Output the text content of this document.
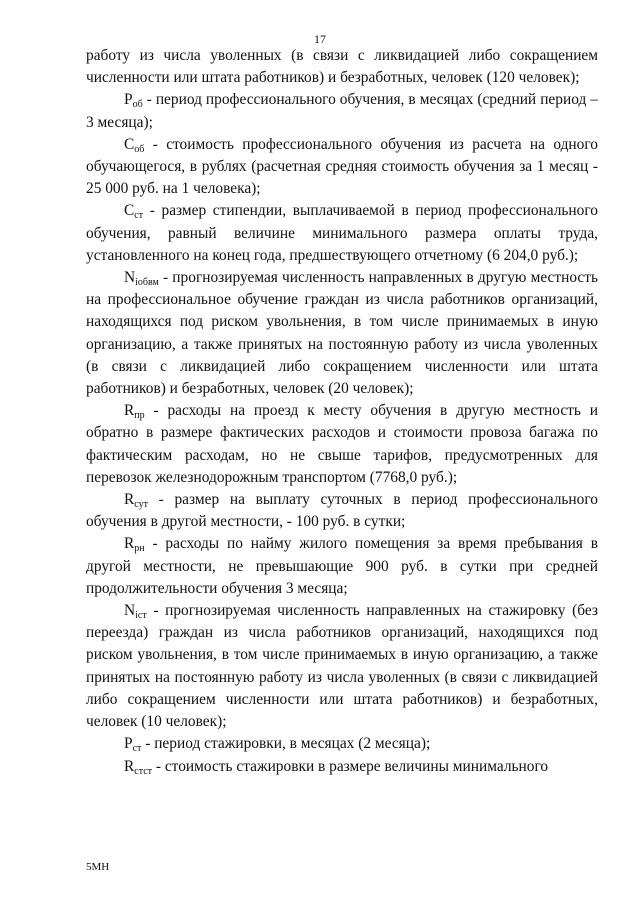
17

работу из числа уволенных (в связи с ликвидацией либо сокращением численности или штата работников) и безработных, человек (120 человек);

$P_{об}$ - период профессионального обучения, в месяцах (средний период – 3 месяца);

$C_{об}$ - стоимость профессионального обучения из расчета на одного обучающегося, в рублях (расчетная средняя стоимость обучения за 1 месяц - 25 000 руб. на 1 человека);

$C_{ст}$ - размер стипендии, выплачиваемой в период профессионального обучения, равный величине минимального размера оплаты труда, установленного на конец года, предшествующего отчетному (6 204,0 руб.);

$N_{iобвм}$ - прогнозируемая численность направленных в другую местность на профессиональное обучение граждан из числа работников организаций, находящихся под риском увольнения, в том числе принимаемых в иную организацию, а также принятых на постоянную работу из числа уволенных (в связи с ликвидацией либо сокращением численности или штата работников) и безработных, человек (20 человек);

$R_{пр}$ - расходы на проезд к месту обучения в другую местность и обратно в размере фактических расходов и стоимости провоза багажа по фактическим расходам, но не свыше тарифов, предусмотренных для перевозок железнодорожным транспортом (7768,0 руб.);

$R_{сут}$ - размер на выплату суточных в период профессионального обучения в другой местности, - 100 руб. в сутки;

$R_{рн}$ - расходы по найму жилого помещения за время пребывания в другой местности, не превышающие 900 руб. в сутки при средней продолжительности обучения 3 месяца;

$N_{iст}$ - прогнозируемая численность направленных на стажировку (без переезда) граждан из числа работников организаций, находящихся под риском увольнения, в том числе принимаемых в иную организацию, а также принятых на постоянную работу из числа уволенных (в связи с ликвидацией либо сокращением численности или штата работников) и безработных, человек (10 человек);

$P_{ст}$ - период стажировки, в месяцах (2 месяца);

$R_{стст}$ - стоимость стажировки в размере величины минимального

5МН
